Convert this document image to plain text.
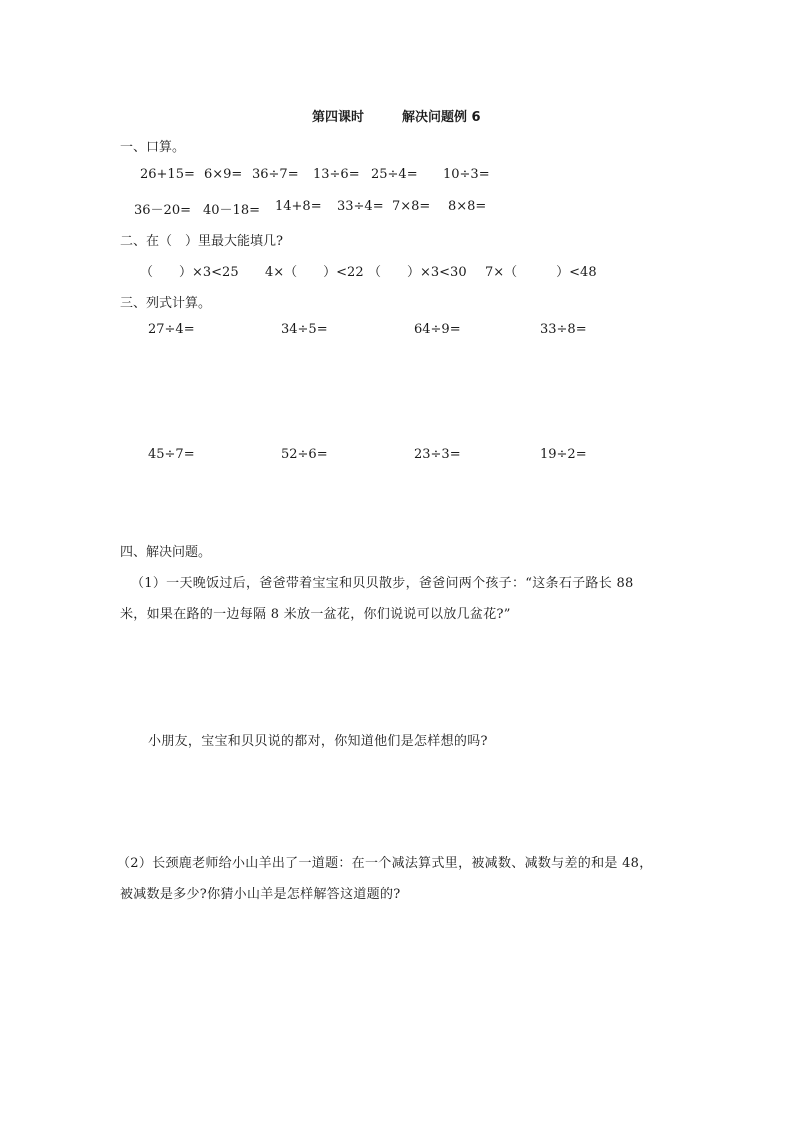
第四课时	解决问题例 6
一、口算。
26+15= 6×9= 36÷7= 13÷6= 25÷4= 10÷3=
36－20= 40－18= 14+8= 33÷4= 7×8= 8×8=
二、在（　）里最大能填几?
（　　）×3<25 4×（　　）<22 （　　）×3<30 7×（　　　）<48
三、列式计算。
27÷4=	34÷5=	64÷9=	33÷8=
45÷7=	52÷6=	23÷3=	19÷2=
四、解决问题。
（1）一天晚饭过后，爸爸带着宝宝和贝贝散步，爸爸问两个孩子：“这条石子路长 88
米，如果在路的一边每隔 8 米放一盆花，你们说说可以放几盆花?”
小朋友，宝宝和贝贝说的都对，你知道他们是怎样想的吗?
（2）长颈鹿老师给小山羊出了一道题：在一个减法算式里，被减数、减数与差的和是 48，
被减数是多少?你猜小山羊是怎样解答这道题的?
